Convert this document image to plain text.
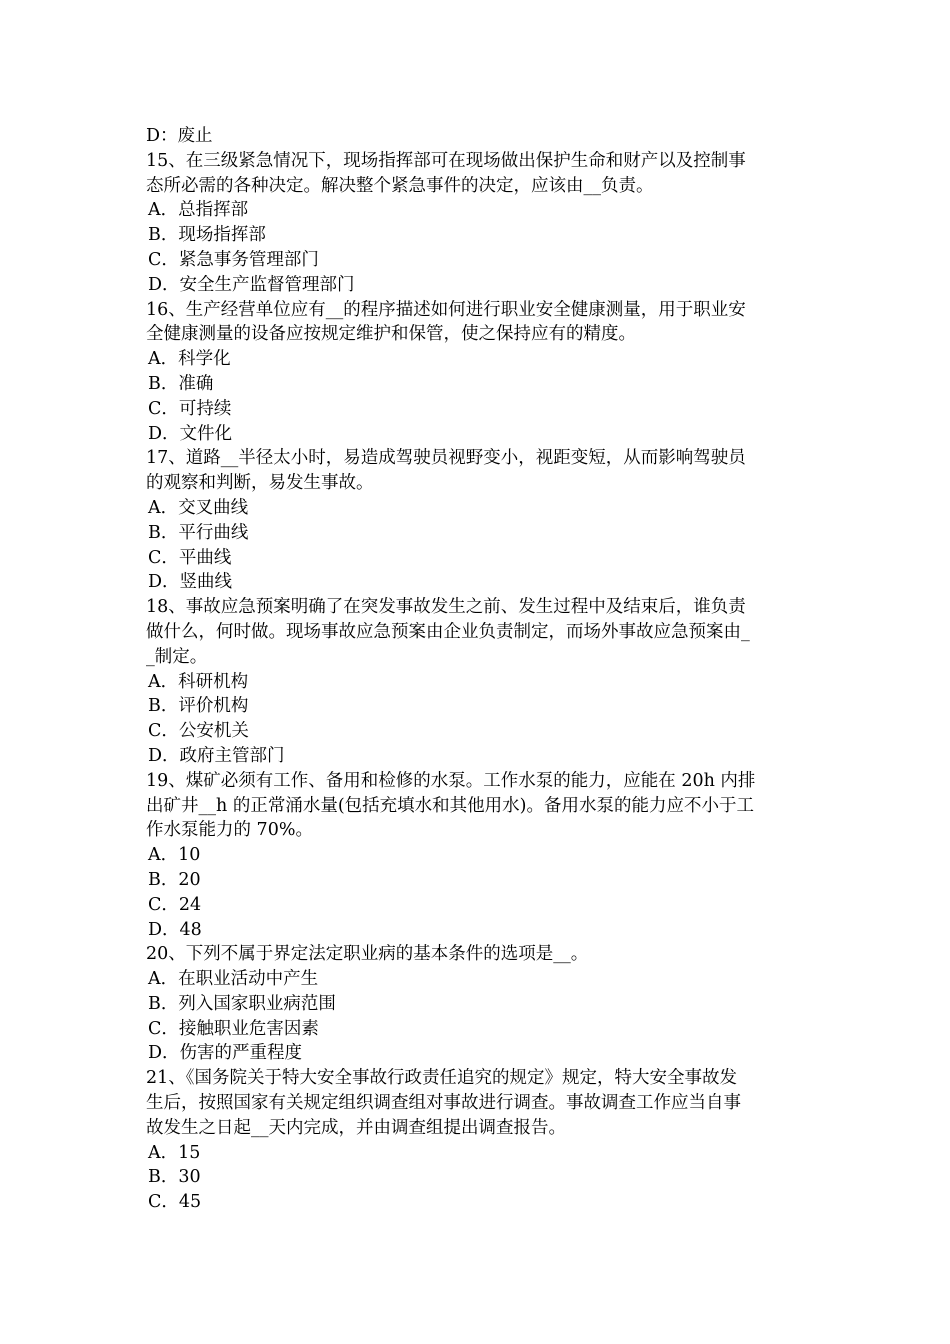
D：废止
15、在三级紧急情况下，现场指挥部可在现场做出保护生命和财产以及控制事
态所必需的各种决定。解决整个紧急事件的决定，应该由__负责。
A．总指挥部
B．现场指挥部
C．紧急事务管理部门
D．安全生产监督管理部门
16、生产经营单位应有__的程序描述如何进行职业安全健康测量，用于职业安
全健康测量的设备应按规定维护和保管，使之保持应有的精度。
A．科学化
B．准确
C．可持续
D．文件化
17、道路__半径太小时，易造成驾驶员视野变小，视距变短，从而影响驾驶员
的观察和判断，易发生事故。
A．交叉曲线
B．平行曲线
C．平曲线
D．竖曲线
18、事故应急预案明确了在突发事故发生之前、发生过程中及结束后，谁负责
做什么，何时做。现场事故应急预案由企业负责制定，而场外事故应急预案由_
_制定。
A．科研机构
B．评价机构
C．公安机关
D．政府主管部门
19、煤矿必须有工作、备用和检修的水泵。工作水泵的能力，应能在 20h 内排
出矿井__h 的正常涌水量(包括充填水和其他用水)。备用水泵的能力应不小于工
作水泵能力的 70%。
A．10
B．20
C．24
D．48
20、下列不属于界定法定职业病的基本条件的选项是__。
A．在职业活动中产生
B．列入国家职业病范围
C．接触职业危害因素
D．伤害的严重程度
21、《国务院关于特大安全事故行政责任追究的规定》规定，特大安全事故发
生后，按照国家有关规定组织调查组对事故进行调查。事故调查工作应当自事
故发生之日起__天内完成，并由调查组提出调查报告。
A．15
B．30
C．45
